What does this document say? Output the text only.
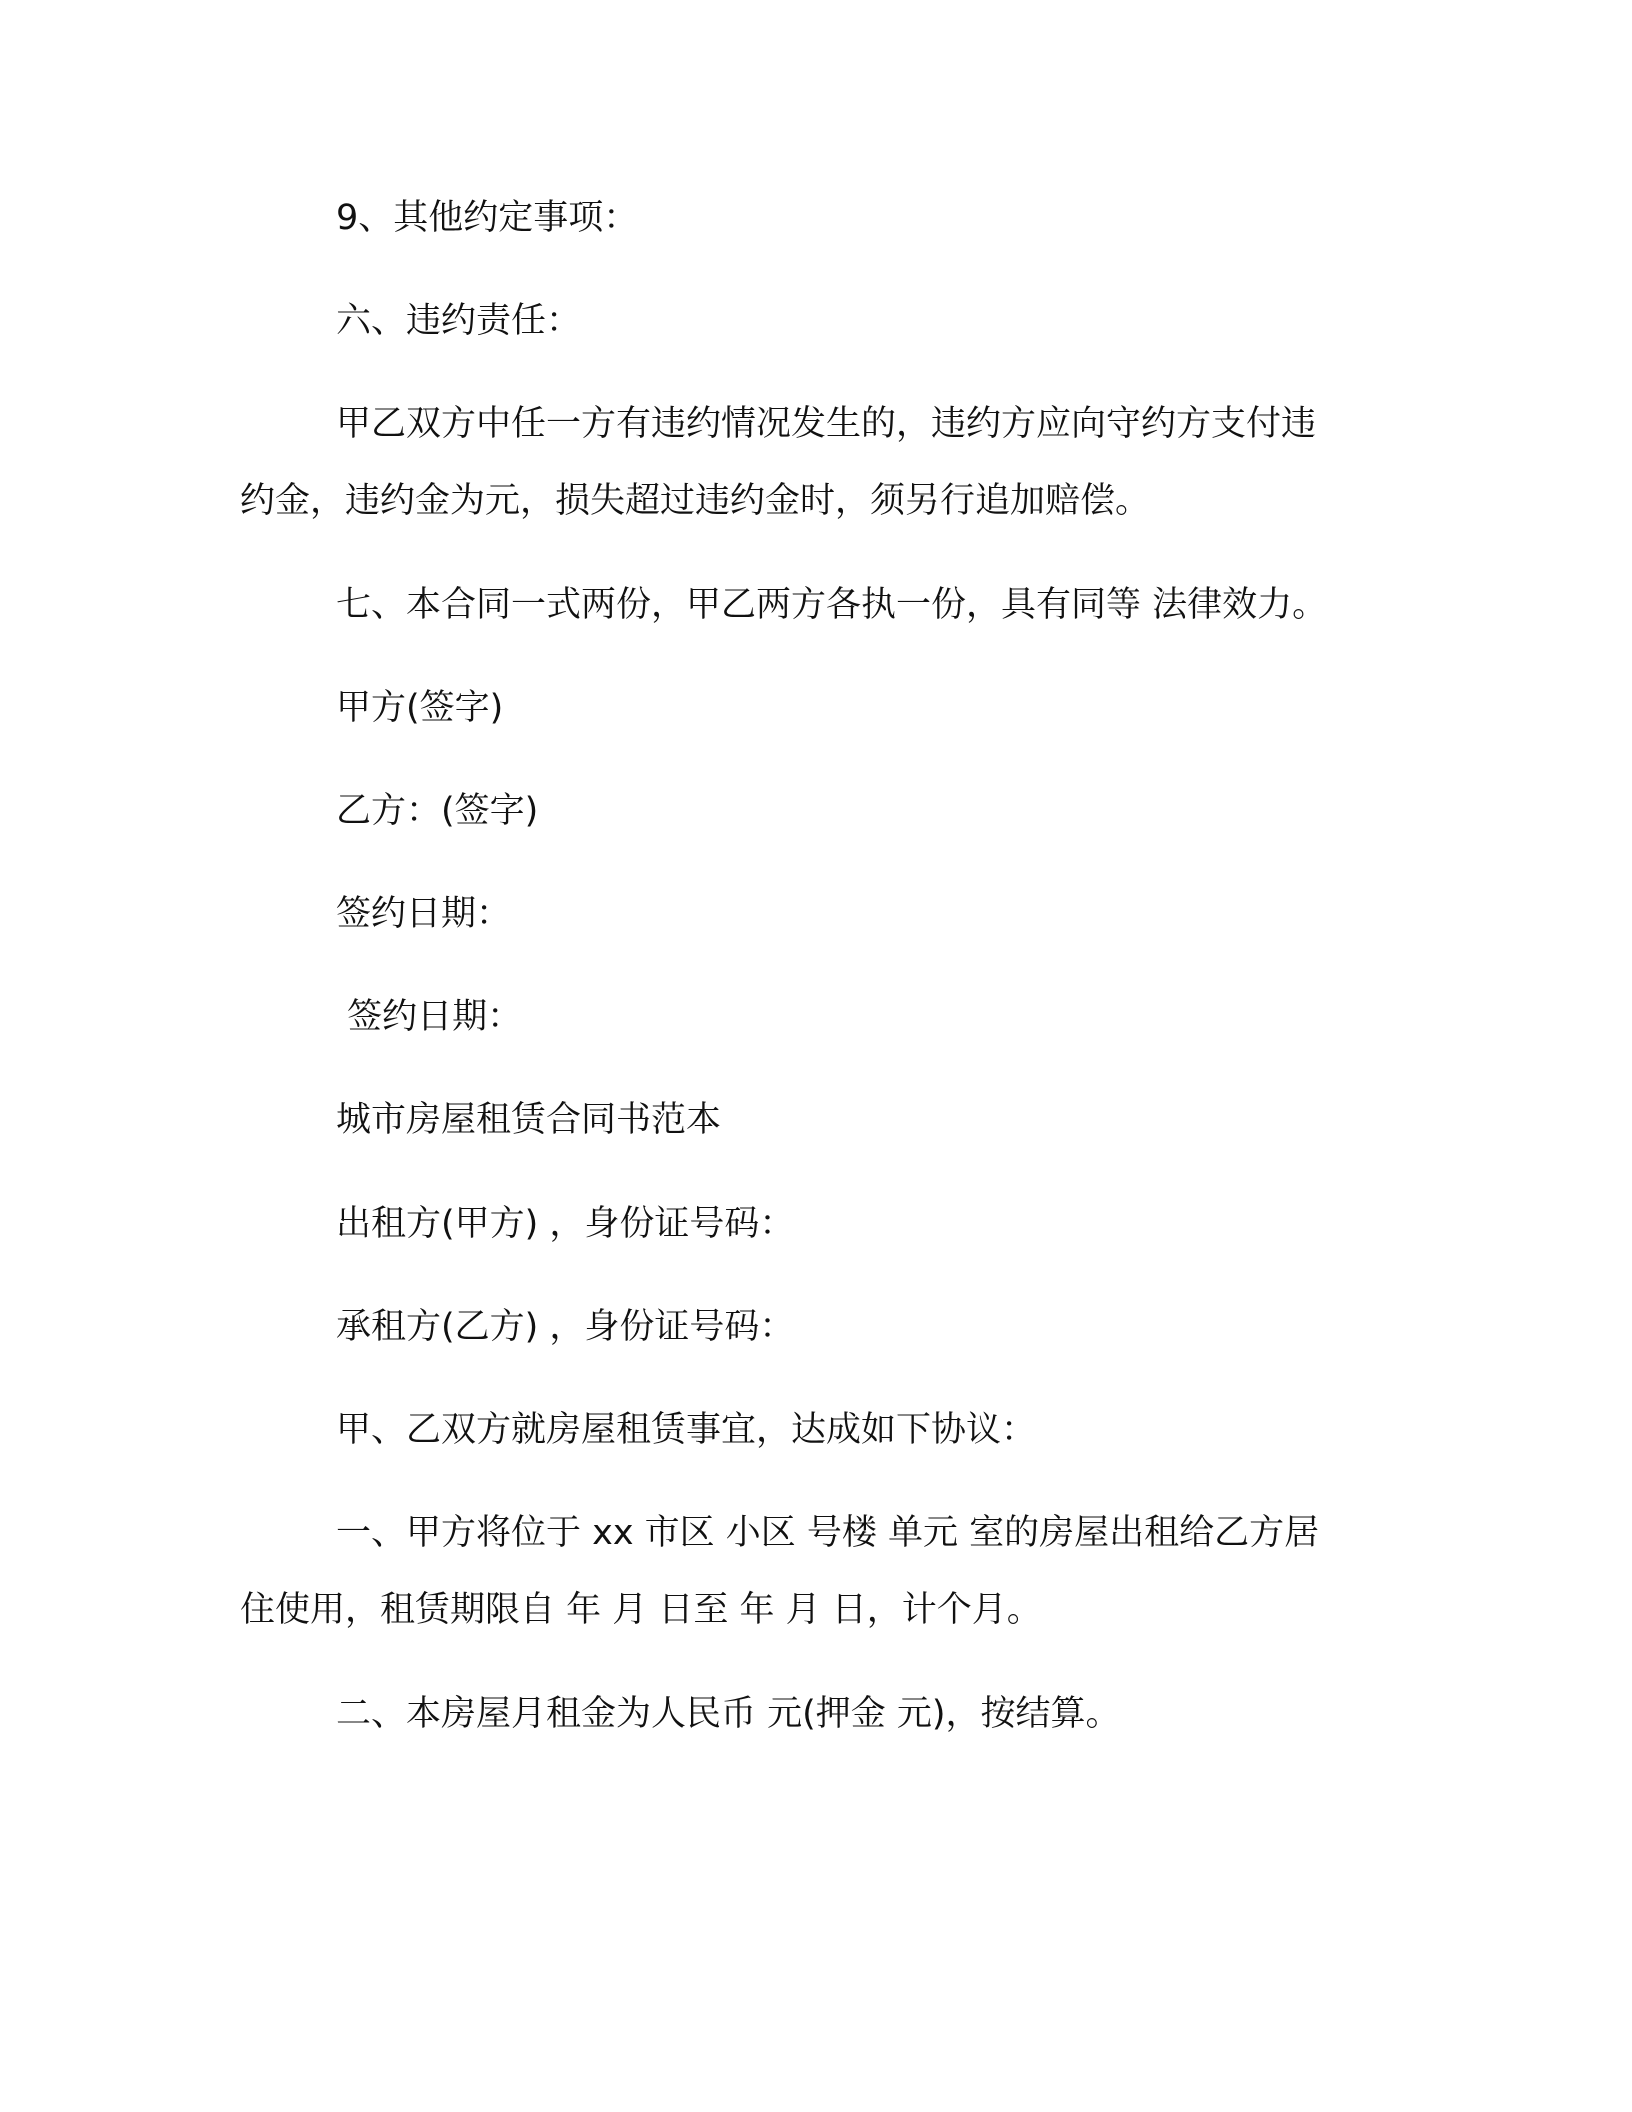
9、其他约定事项：
六、违约责任：
甲乙双方中任一方有违约情况发生的，违约方应向守约方支付违
约金，违约金为元，损失超过违约金时，须另行追加赔偿。
七、本合同一式两份，甲乙两方各执一份，具有同等 法律效力。
甲方(签字)
乙方：(签字)
签约日期：
签约日期：
城市房屋租赁合同书范本
出租方(甲方) ，身份证号码：
承租方(乙方) ，身份证号码：
甲、乙双方就房屋租赁事宜，达成如下协议：
一、甲方将位于 xx 市区 小区 号楼 单元 室的房屋出租给乙方居
住使用，租赁期限自 年 月 日至 年 月 日，计个月。
二、本房屋月租金为人民币 元(押金 元)，按结算。
